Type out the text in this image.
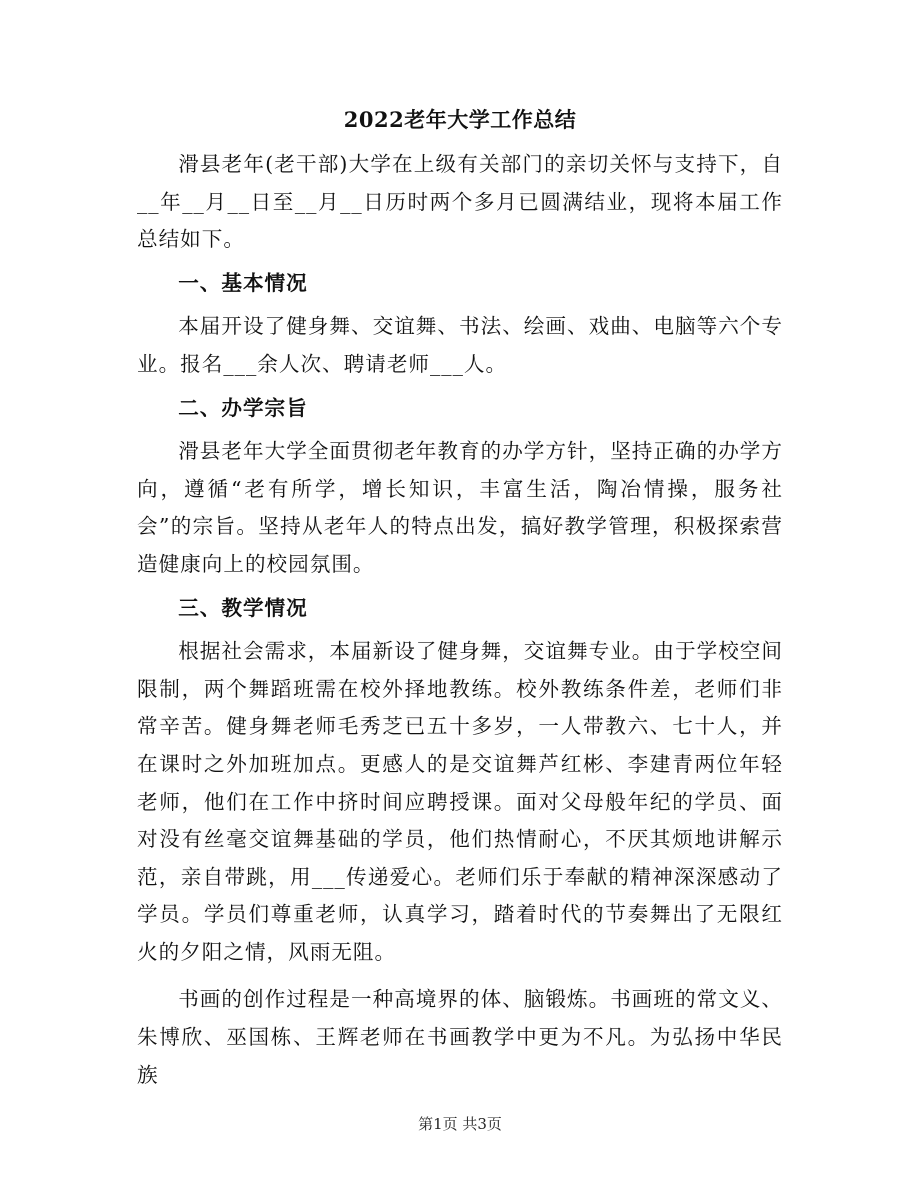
2022老年大学工作总结

滑县老年(老干部)大学在上级有关部门的亲切关怀与支持下，自__年__月__日至__月__日历时两个多月已圆满结业，现将本届工作总结如下。

一、基本情况

本届开设了健身舞、交谊舞、书法、绘画、戏曲、电脑等六个专业。报名___余人次、聘请老师___人。

二、办学宗旨

滑县老年大学全面贯彻老年教育的办学方针，坚持正确的办学方向，遵循“老有所学，增长知识，丰富生活，陶冶情操，服务社会”的宗旨。坚持从老年人的特点出发，搞好教学管理，积极探索营造健康向上的校园氛围。

三、教学情况

根据社会需求，本届新设了健身舞，交谊舞专业。由于学校空间限制，两个舞蹈班需在校外择地教练。校外教练条件差，老师们非常辛苦。健身舞老师毛秀芝已五十多岁，一人带教六、七十人，并在课时之外加班加点。更感人的是交谊舞芦红彬、李建青两位年轻老师，他们在工作中挤时间应聘授课。面对父母般年纪的学员、面对没有丝毫交谊舞基础的学员，他们热情耐心，不厌其烦地讲解示范，亲自带跳，用___传递爱心。老师们乐于奉献的精神深深感动了学员。学员们尊重老师，认真学习，踏着时代的节奏舞出了无限红火的夕阳之情，风雨无阻。

书画的创作过程是一种高境界的体、脑锻炼。书画班的常文义、朱博欣、巫国栋、王辉老师在书画教学中更为不凡。为弘扬中华民族

第1页 共3页
